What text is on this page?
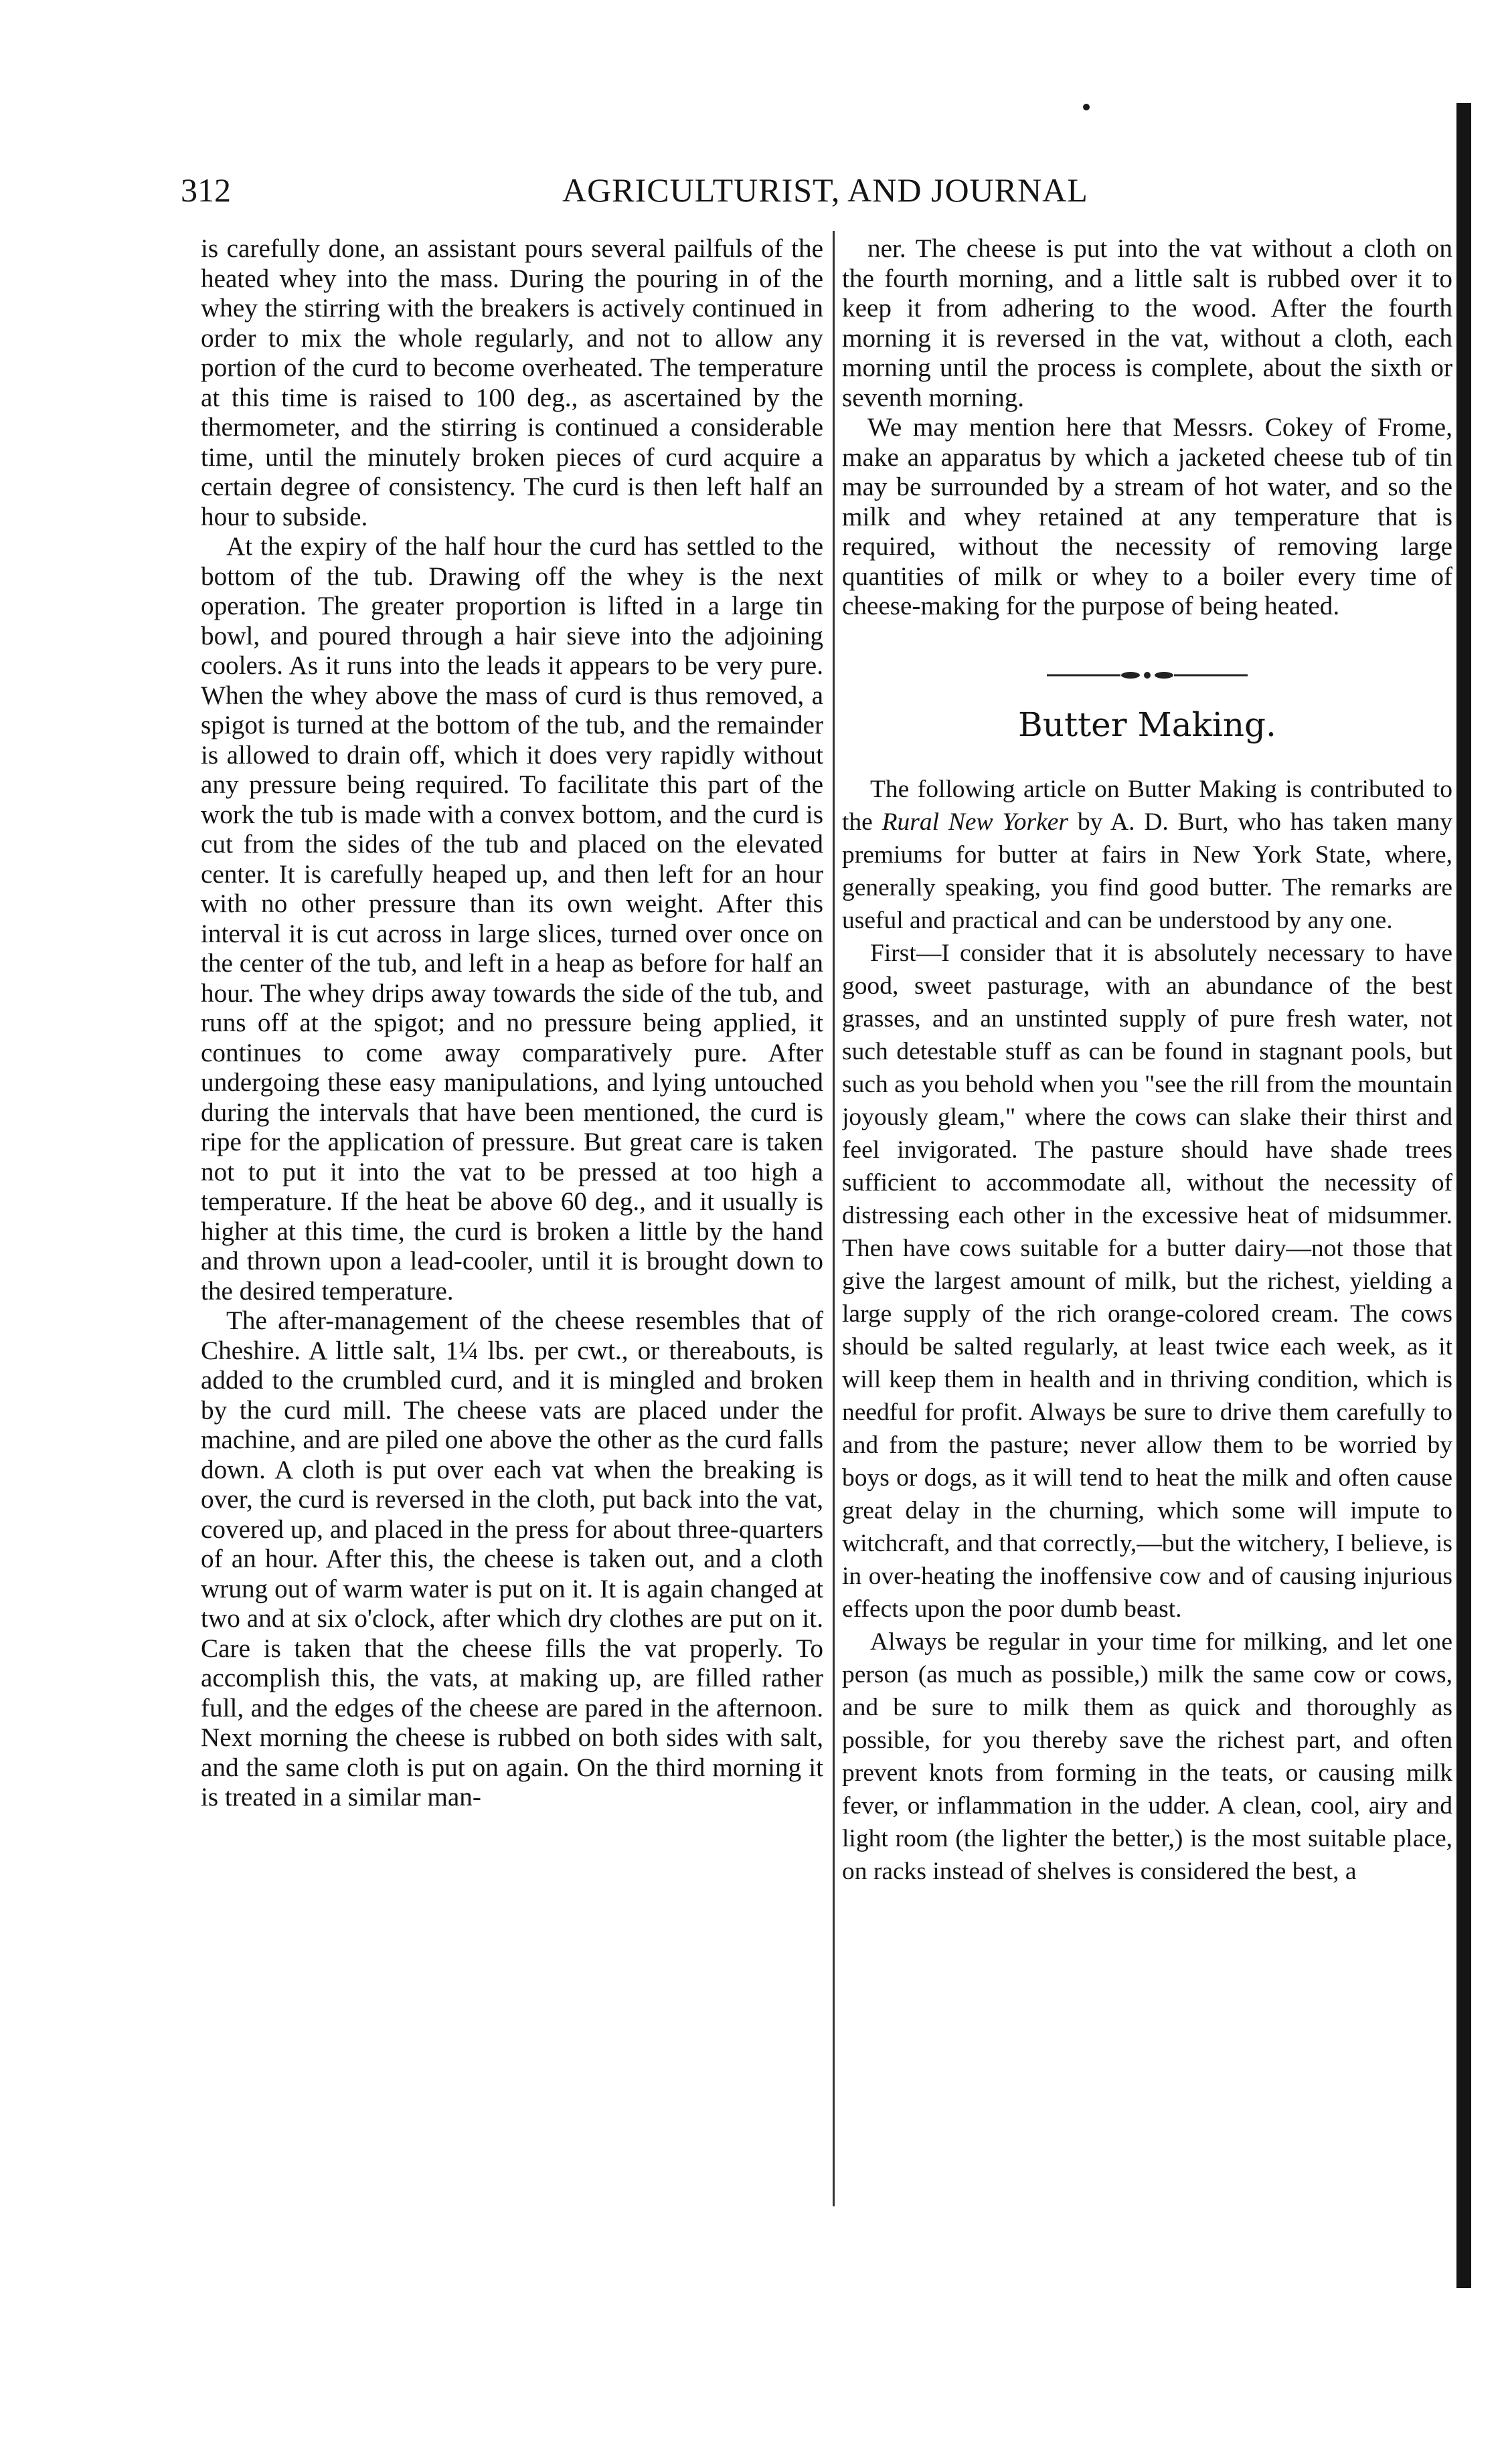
312	AGRICULTURIST, AND JOURNAL

is carefully done, an assistant pours several pailfuls of the heated whey into the mass. During the pouring in of the whey the stirring with the breakers is actively continued in order to mix the whole regularly, and not to allow any portion of the curd to become overheated. The temperature at this time is raised to 100 deg., as ascertained by the thermometer, and the stirring is continued a considerable time, until the minutely broken pieces of curd acquire a certain degree of consistency. The curd is then left half an hour to subside.

At the expiry of the half hour the curd has settled to the bottom of the tub. Drawing off the whey is the next operation. The greater proportion is lifted in a large tin bowl, and poured through a hair sieve into the adjoining coolers. As it runs into the leads it appears to be very pure. When the whey above the mass of curd is thus removed, a spigot is turned at the bottom of the tub, and the remainder is allowed to drain off, which it does very rapidly without any pressure being required. To facilitate this part of the work the tub is made with a convex bottom, and the curd is cut from the sides of the tub and placed on the elevated center. It is carefully heaped up, and then left for an hour with no other pressure than its own weight. After this interval it is cut across in large slices, turned over once on the center of the tub, and left in a heap as before for half an hour. The whey drips away towards the side of the tub, and runs off at the spigot; and no pressure being applied, it continues to come away comparatively pure. After undergoing these easy manipulations, and lying untouched during the intervals that have been mentioned, the curd is ripe for the application of pressure. But great care is taken not to put it into the vat to be pressed at too high a temperature. If the heat be above 60 deg., and it usually is higher at this time, the curd is broken a little by the hand and thrown upon a lead-cooler, until it is brought down to the desired temperature.

The after-management of the cheese resembles that of Cheshire. A little salt, 1¼ lbs. per cwt., or thereabouts, is added to the crumbled curd, and it is mingled and broken by the curd mill. The cheese vats are placed under the machine, and are piled one above the other as the curd falls down. A cloth is put over each vat when the breaking is over, the curd is reversed in the cloth, put back into the vat, covered up, and placed in the press for about three-quarters of an hour. After this, the cheese is taken out, and a cloth wrung out of warm water is put on it. It is again changed at two and at six o'clock, after which dry clothes are put on it. Care is taken that the cheese fills the vat properly. To accomplish this, the vats, at making up, are filled rather full, and the edges of the cheese are pared in the afternoon. Next morning the cheese is rubbed on both sides with salt, and the same cloth is put on again. On the third morning it is treated in a similar man-

ner. The cheese is put into the vat without a cloth on the fourth morning, and a little salt is rubbed over it to keep it from adhering to the wood. After the fourth morning it is reversed in the vat, without a cloth, each morning until the process is complete, about the sixth or seventh morning.

We may mention here that Messrs. Cokey of Frome, make an apparatus by which a jacketed cheese tub of tin may be surrounded by a stream of hot water, and so the milk and whey retained at any temperature that is required, without the necessity of removing large quantities of milk or whey to a boiler every time of cheese-making for the purpose of being heated.

Butter Making.

The following article on Butter Making is contributed to the Rural New Yorker by A. D. Burt, who has taken many premiums for butter at fairs in New York State, where, generally speaking, you find good butter. The remarks are useful and practical and can be understood by any one.

First—I consider that it is absolutely necessary to have good, sweet pasturage, with an abundance of the best grasses, and an unstinted supply of pure fresh water, not such detestable stuff as can be found in stagnant pools, but such as you behold when you "see the rill from the mountain joyously gleam," where the cows can slake their thirst and feel invigorated. The pasture should have shade trees sufficient to accommodate all, without the necessity of distressing each other in the excessive heat of midsummer. Then have cows suitable for a butter dairy—not those that give the largest amount of milk, but the richest, yielding a large supply of the rich orange-colored cream. The cows should be salted regularly, at least twice each week, as it will keep them in health and in thriving condition, which is needful for profit. Always be sure to drive them carefully to and from the pasture; never allow them to be worried by boys or dogs, as it will tend to heat the milk and often cause great delay in the churning, which some will impute to witchcraft, and that correctly,—but the witchery, I believe, is in over-heating the inoffensive cow and of causing injurious effects upon the poor dumb beast.

Always be regular in your time for milking, and let one person (as much as possible,) milk the same cow or cows, and be sure to milk them as quick and thoroughly as possible, for you thereby save the richest part, and often prevent knots from forming in the teats, or causing milk fever, or inflammation in the udder. A clean, cool, airy and light room (the lighter the better,) is the most suitable place, on racks instead of shelves is considered the best, a
